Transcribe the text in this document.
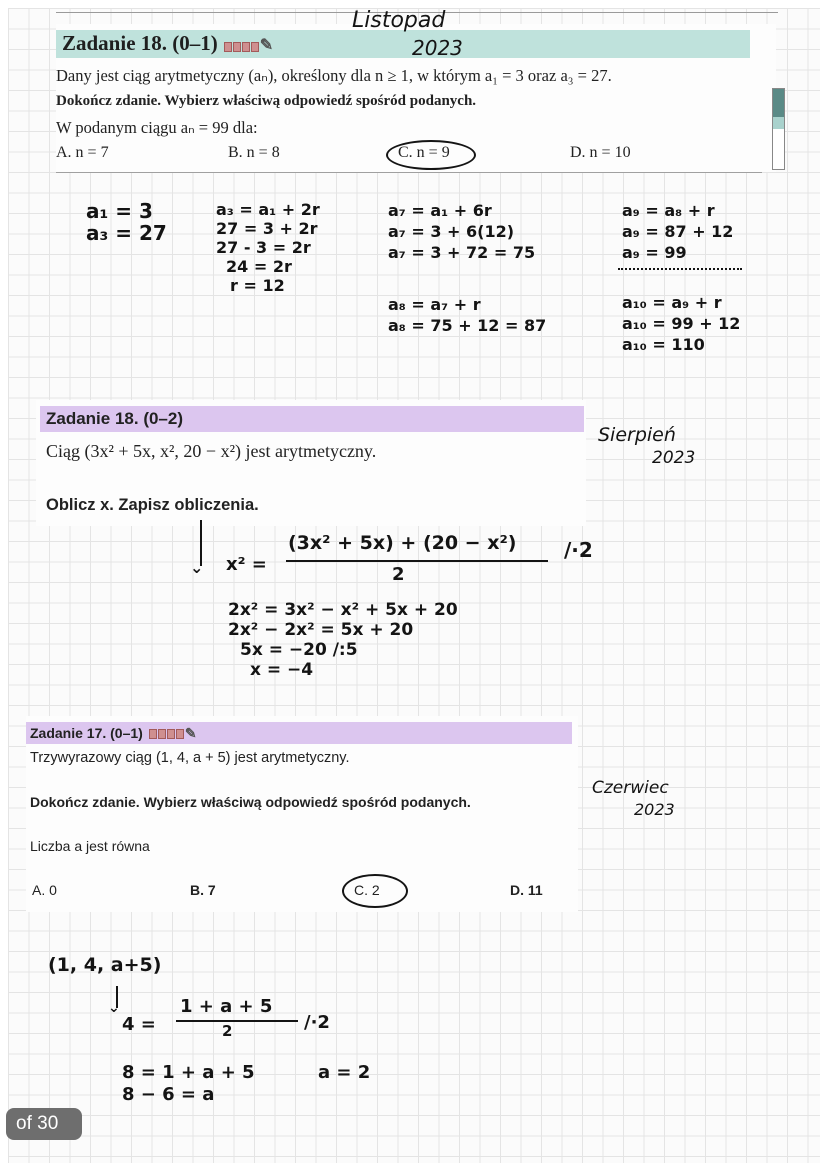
Zadanie 18. (0–1)	✎
Listopad
2023
Dany jest ciąg arytmetyczny (aₙ), określony dla n ≥ 1, w którym a₁ = 3 oraz a₃ = 27.
Dokończ zdanie. Wybierz właściwą odpowiedź spośród podanych.
W podanym ciągu aₙ = 99 dla:
A. n = 7	B. n = 8	C. n = 9	D. n = 10
a₁ = 3
a₃ = 27
a₃ = a₁ + 2r
27 = 3 + 2r
27 - 3 = 2r
24 = 2r
r = 12
a₇ = a₁ + 6r
a₇ = 3 + 6(12)
a₇ = 3 + 72 = 75
a₈ = a₇ + r
a₈ = 75 + 12 = 87
a₉ = a₈ + r
a₉ = 87 + 12
a₉ = 99
a₁₀ = a₉ + r
a₁₀ = 99 + 12
a₁₀ = 110
Zadanie 18. (0–2)
Ciąg (3x² + 5x, x², 20 − x²) jest arytmetyczny.
Oblicz x. Zapisz obliczenia.
Sierpień
2023
⌄ x² =
(3x² + 5x) + (20 − x²)
2
/·2
2x² = 3x² − x² + 5x + 20
2x² − 2x² = 5x + 20
5x = −20 /:5
x = −4
Zadanie 17. (0–1)	✎
Trzywyrazowy ciąg (1, 4, a + 5) jest arytmetyczny.
Dokończ zdanie. Wybierz właściwą odpowiedź spośród podanych.
Liczba a jest równa
A. 0	B. 7	C. 2	D. 11
Czerwiec
2023
(1, 4, a+5)
⌄
4 =
1 + a + 5
2	/·2
8 = 1 + a + 5
8 − 6 = a
a = 2
of 30
